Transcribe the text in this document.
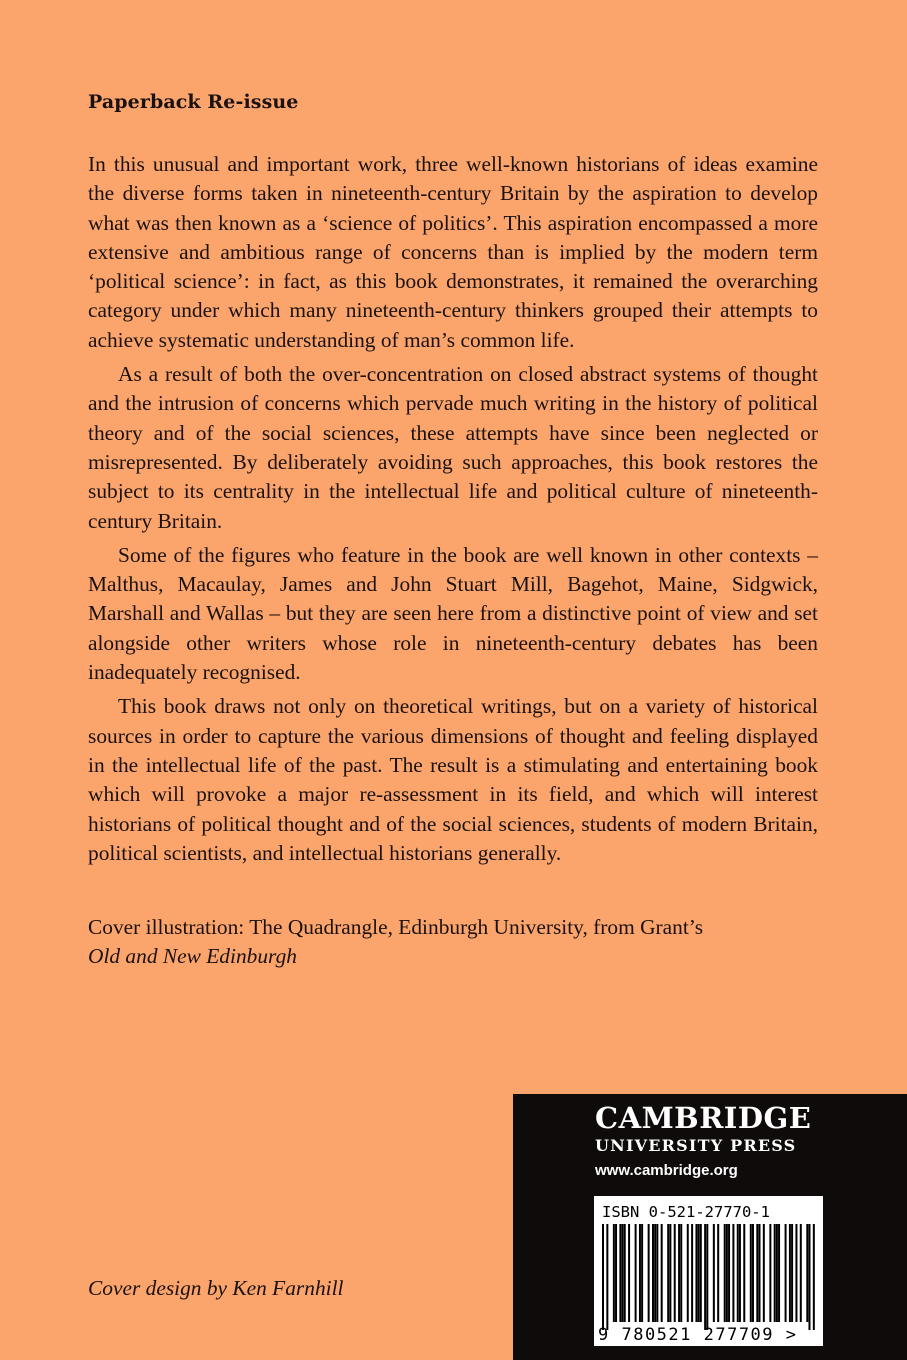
Paperback Re-issue

In this unusual and important work, three well-known historians of ideas examine the diverse forms taken in nineteenth-century Britain by the aspiration to develop what was then known as a ‘science of politics’. This aspiration encompassed a more extensive and ambitious range of concerns than is implied by the modern term ‘political science’: in fact, as this book demonstrates, it remained the overarching category under which many nineteenth-century thinkers grouped their attempts to achieve systematic understanding of man’s common life.

As a result of both the over-concentration on closed abstract systems of thought and the intrusion of concerns which pervade much writing in the history of political theory and of the social sciences, these attempts have since been neglected or misrepresented. By deliberately avoiding such approaches, this book restores the subject to its centrality in the intellectual life and political culture of nineteenth-century Britain.

Some of the figures who feature in the book are well known in other contexts – Malthus, Macaulay, James and John Stuart Mill, Bagehot, Maine, Sidgwick, Marshall and Wallas – but they are seen here from a distinctive point of view and set alongside other writers whose role in nineteenth-century debates has been inadequately recognised.

This book draws not only on theoretical writings, but on a variety of historical sources in order to capture the various dimensions of thought and feeling displayed in the intellectual life of the past. The result is a stimulating and entertaining book which will provoke a major re-assessment in its field, and which will interest historians of political thought and of the social sciences, students of modern Britain, political scientists, and intellectual historians generally.

Cover illustration: The Quadrangle, Edinburgh University, from Grant’s
Old and New Edinburgh
Cover design by Ken Farnhill
CAMBRIDGE
UNIVERSITY PRESS
www.cambridge.org
ISBN 0-521-27770-1
9 780521 277709 >
